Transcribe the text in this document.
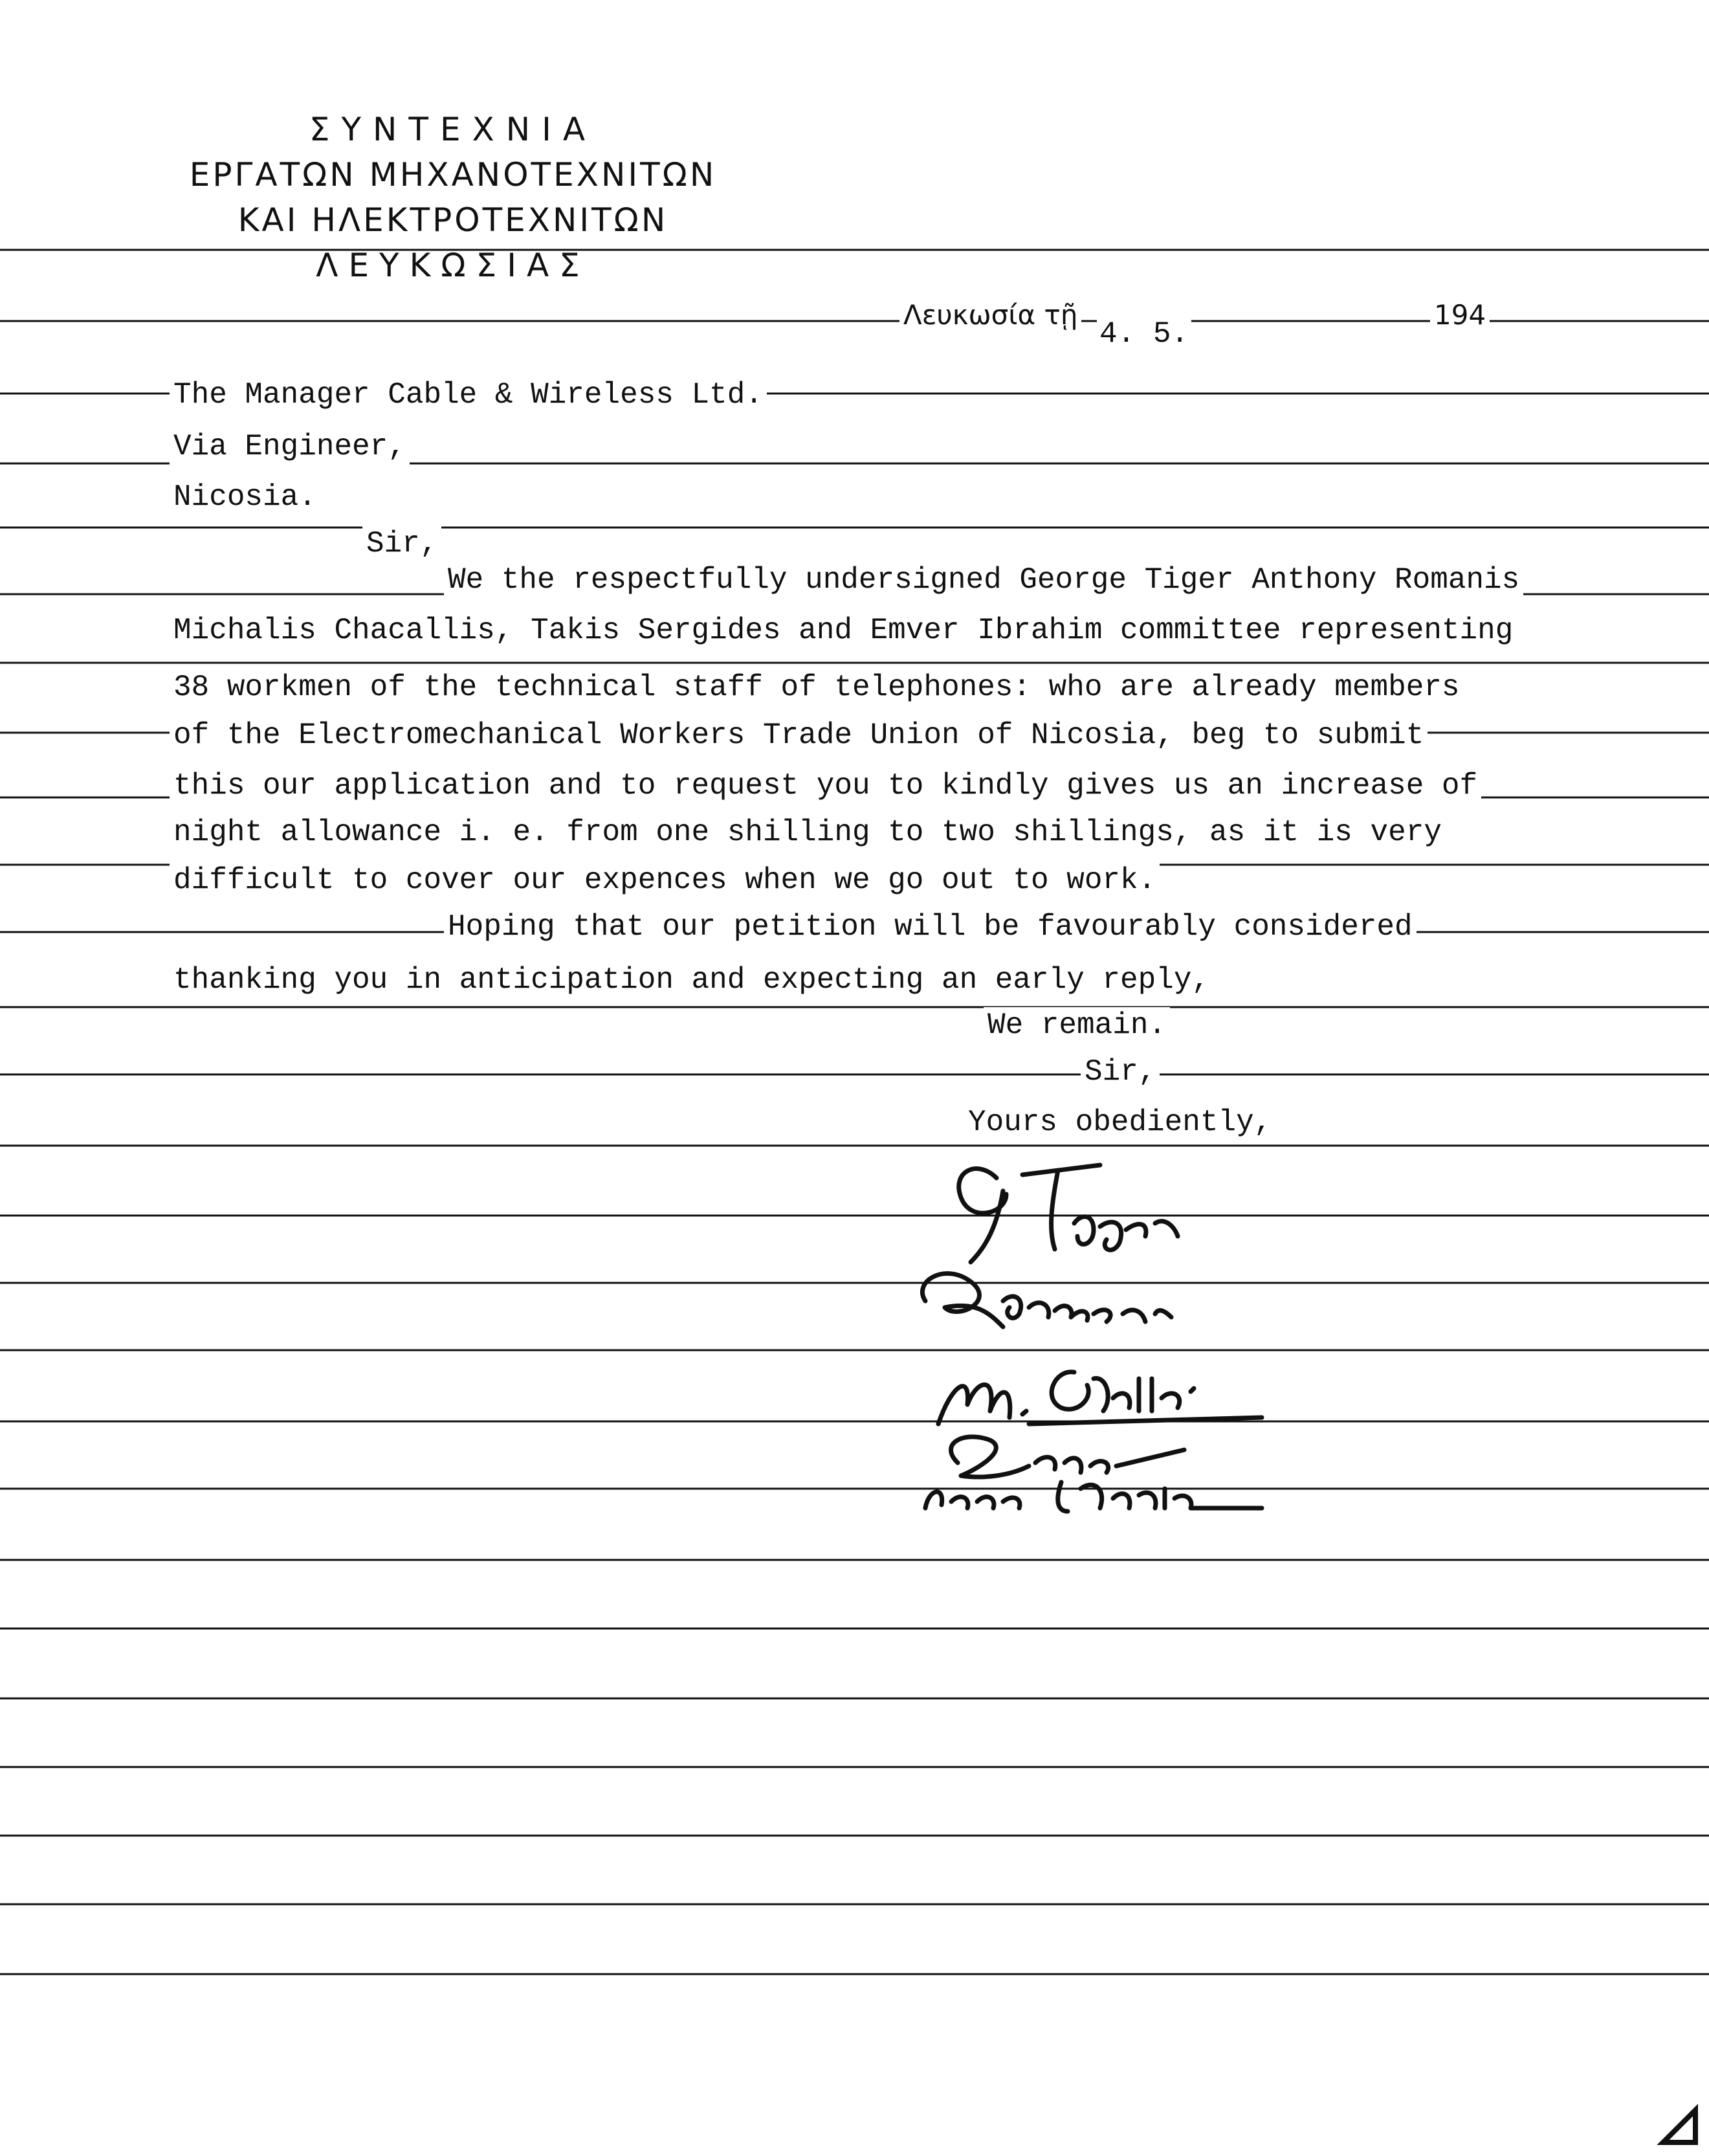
ΣΥΝΤΕΧΝΙΑ
ΕΡΓΑΤΩΝ ΜΗΧΑΝΟΤΕΧΝΙΤΩΝ
ΚΑΙ ΗΛΕΚΤΡΟΤΕΧΝΙΤΩΝ
ΛΕΥΚΩΣΙΑΣ
Λευκωσία τῇ
4. 5.
194
The Manager Cable & Wireless Ltd.
Via Engineer,
Nicosia.
Sir,
We the respectfully undersigned George Tiger Anthony Romanis
Michalis Chacallis, Takis Sergides and Emver Ibrahim committee representing
38 workmen of the technical staff of telephones: who are already members
of the Electromechanical Workers Trade Union of Nicosia, beg to submit
this our application and to request you to kindly gives us an increase of
night allowance i. e. from one shilling to two shillings, as it is very
difficult to cover our expences when we go out to work.
Hoping that our petition will be favourably considered
thanking you in anticipation and expecting an early reply,
We remain.
Sir,
Yours obediently,
